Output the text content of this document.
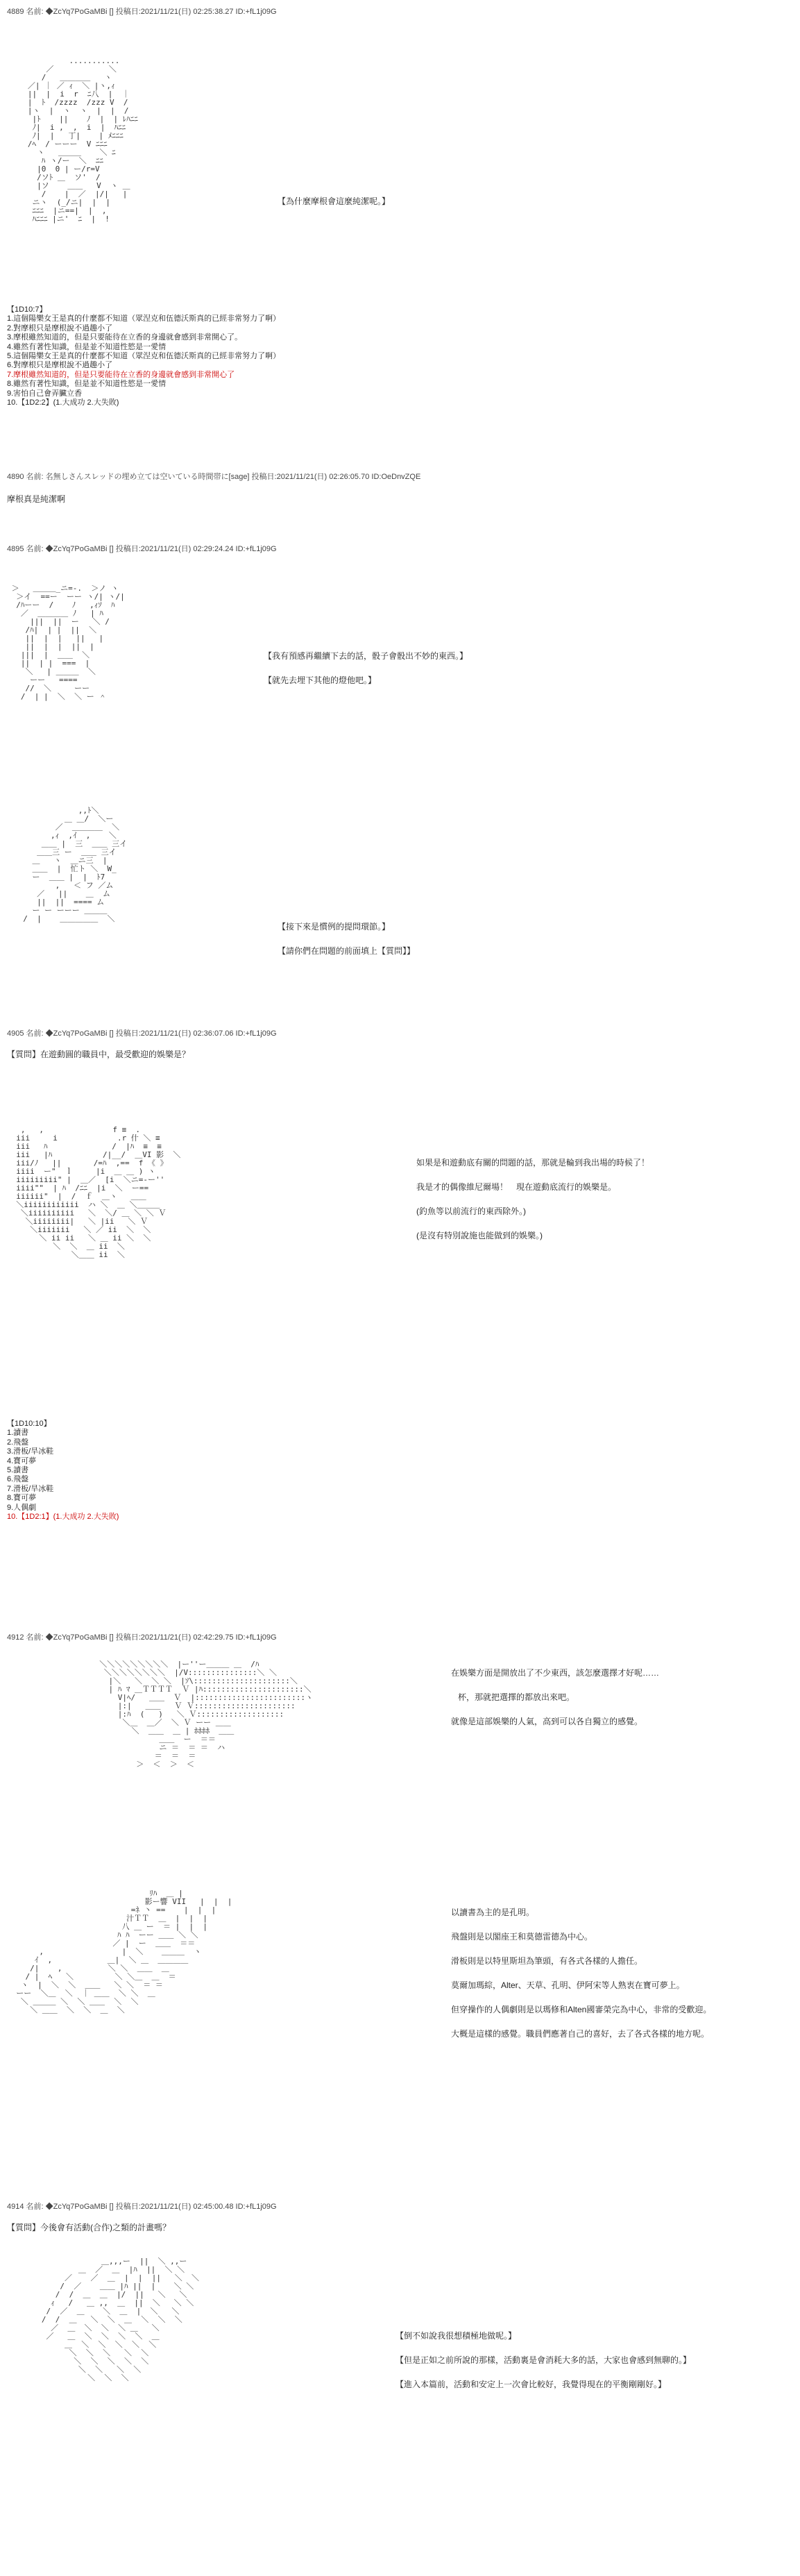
4889 名前: ◆ZcYq7PoGaMBi [] 投稿日:2021/11/21(日) 02:25:38.27 ID:+fL1j09G

...........
／            ＼
/   ＿＿＿＿   ヽ
／| ｜ ／ ｨ  ＼ |ヽ,ｨ
||  |  i  r  ﾆ八  |  ｜
|  ﾄ  /zzzz  /zzz V  /
|ヽ  |  ヽ  ヽ  |  |  /
|ﾄ    ||    ﾉ  |  | ﾚﾊﾆﾆ
ﾉ|  i ,  ,  i  |  ﾊﾆﾆ
ﾉ|  |   丁|    | ﾒﾆﾆﾆ
/ﾍ  / ーーー  V ﾆﾆﾆ
ヽ   ＿＿＿    ＼ ﾆ
ﾊ ヽ/ー  ＼  ﾆﾆ
|0  0 | ー/r=V
/ソﾄ ＿  ソ'  /
|ソ    ＿＿   V  ヽ ＿
/    |  ／  |/|   |
ニヽ  (_/ニ|  |  |
ﾆﾆﾆ  |ニ==|  |  ,
ﾊﾆﾆﾆ |ニ'  ﾆ  |  !

【為什麼摩根會這麼純潔呢。】
【1D10:7】
1.這個陽樂女王是真的什麼都不知道（眾涅克和伍德沃斯真的已經非常努力了啊）
2.對摩根只是摩根說不過趣小了
3.摩根雖然知道的，但是只要能待在立香的身邊就會感到非常開心了。
4.雖然有著性知識，但是並不知道性慾是一愛情
5.這個陽樂女王是真的什麼都不知道（眾涅克和伍德沃斯真的已經非常努力了啊）
6.對摩根只是摩根說不過趣小了
7.摩根雖然知道的，但是只要能待在立香的身邊就會感到非常開心了
8.雖然有著性知識，但是並不知道性慾是一愛情
9.害怕自己會弄臟立香
10.【1D2:2】(1.大成功 2.大失敗)
4890 名前: 名無しさんスレッドの埋め立ては空いている時間帯に[sage] 投稿日:2021/11/21(日) 02:26:05.70 ID:OeDnvZQE
摩根真是純潔啊
4895 名前: ◆ZcYq7PoGaMBi [] 投稿日:2021/11/21(日) 02:29:24.24 ID:+fL1j09G

＞   ＿＿＿_ニ=-.  ＞ノ ヽ
＞イ  ==ー  ーー ヽ/| ヽ/|
/ﾊーー  /    ﾉ   ,ｨｿ  ﾊ
／  ＿＿＿＿ ﾉ   | ﾊ
|||  ||  ー   ＼ /
/ﾊ|  | |  ||  ＼
||  |  |   ||   |
||  |  |  ||  |
|||  |  ＿＿  ＼
||  | |  ===  |
＼   | ＿＿＿  ＼
ーー   ====
//  ＼     ーー
/  | |  ＼  ＼ ー ＾

【我有預感再繼續下去的話，骰子會骰出不妙的東西。】
【就先去埋下其他的燈他吧。】

,,ﾄ＼
＿ ＿/  ＼ー
／  ＿＿＿＿  ＼
,ｨ  ,ｲ  ,    ＼
＿＿ |  三  ＿＿ 三イ
＿＿三 ー  ＿＿ 三イ
＿   ヽ  ＿ニ三  |
＿＿  |  忙ト ＼  W_
ー  ＿＿ |  |  ﾄ7
,   ＜ フ ／ム
／   ||    ＿  ム
||  ||  ==== ム
ー ー ーーー ＿＿＿
/  |    ＿＿＿＿＿  ＼

【接下來是慣例的提問環節。】
【請你們在問題的前面填上【質問】】
4905 名前: ◆ZcYq7PoGaMBi [] 投稿日:2021/11/21(日) 02:36:07.06 ID:+fL1j09G
【質問】在遊動圓的職員中，最受歡迎的娛樂是？

,   ,               f ≡  .
iii     i             .r 什 ＼ ≡
iii   ﾊ              /  |ﾊ  ≡  ≡
iii   |ﾊ           /|__/  ＿VI 影  ＼
iii/ﾉ   ||       /=ﾊ  ,==  f 《 》
iiii  ー"  ｌ     |i  ＿ ＿ ) ヽ
iiiiiiiii" |  ＿／  [i  ＼ニ=-ー''
iiii""  | ﾊ  /ﾆﾆ  |i  ＼  ー==
iiiiii"  |  /  ｆ  ＿ヽ   ＿＿
＼iiiiiiiiiiii  ハ ＼  ＿ ＼＿＿＿
＼iiiiiiiiii   ＼  ＼/ ＿ ＼ ＼ Ｖ
＼iiiiiiii|   ＼ |ii   ＼ Ｖ
＼iiiiiii   ＼ ／ ii  ＼  ＼
＼ ii ii   ＼ ＿ ii ＼  ＼
＼  ＼  ＿ ii  ＼
＼＿＿ ii  ＼

如果是和遊動底有關的問題的話，那就是輪到我出場的時候了！
我是才的偶像維尼爾場！　現在遊動底流行的娛樂是。
(釣魚等以前流行的東西除外。)
(是沒有特別說施也能做到的娛樂。)
【1D10:10】
1.讀書
2.飛盤
3.滑板/旱冰鞋
4.寶可夢
5.讀書
6.飛盤
7.滑板/旱冰鞋
8.寶可夢
9.人偶劇
10.【1D2:1】(1.大成功 2.大失敗)
4912 名前: ◆ZcYq7PoGaMBi [] 投稿日:2021/11/21(日) 02:42:29.75 ID:+fL1j09G

＼＼＼＼＼＼＼＼＼  |ー''ー＿＿＿ ＿  /ﾊ
＼＼＼＼＼＼＼＼  |/V:::::::::::::::＼ ＼
|＼   ＼  ＼ ＼  |ｿ\:::::::::::::::::::::＼
| ﾊ ﾏ ＿ＴＴＴＴ  Ｖ |ﾊ::::::::::::::::::::::＼
V|ﾍ/   ＿＿  Ｖ  |::::::::::::::::::::::::ヽ
|:|   ＿＿   Ｖ Ｖ::::::::::::::::::::::
|:ﾊ  (   )   ＼ Ｖ:::::::::::::::::::
＼＿  ＿／  ＼ Ｖ ーー ＿＿
＼  ＿＿  ＿ | ﾎﾎﾎﾎ  ＿＿
＿＿  ー  ＝＝
ニ ＝  ＝ ＝  ハ
＝  ＝  ＝
＞  ＜  ＞  ＜

在娛樂方面是開放出了不少東西，該怎麼選擇才好呢……
杯，那就把選擇的都放出來吧。
就像是這部娛樂的人氣，高到可以各自獨立的感覺。

ﾘﾊ  ＿ |
影ー響 VII   |  |  |
=ﾈ 丶 ==    |  |  |
汁ＴＴ  ＿  |  |  |
八 ＿ ー  ＝ |  |  |
ﾊ ﾊ  ーー ＿＿ ＼ ＼
／ |  ー  ＿＿  ＝＝
,                 |  ＼    ＿＿＿  ヽ
ｲ  ,            ＿|  ＼ ＿  ＿＿＿＿
/|    ,          ＼ ＼  ＿＿  ＿
/ |  ﾍ   ＼         ＼ ＼＿  ＿  ＝
ヽ  |  ＼  ＼  ＿＿   ＼ ＼  ＝ ＝
ーー  ＼＿  ＼  ｜ ＿＿  ＼ ＼  ＿
＼ ＿＿＿ ＼  ＼ ＿＿  ＼  ＼
＼ ＿＿  ＼  ＼  ＿  ＼

以讀書為主的是孔明。
飛盤則是以閣座王和莫德雷德為中心。
滑板則是以特里斯坦為筆頭，有各式各樣的人擔任。
莫爾加瑪綜，Alter、天草、孔明、伊阿宋等人熟衷在寶可夢上。
但穿操作的人偶劇則是以瑪修和Alten國審榮完為中心，非常的受歡迎。
大概是這樣的感覺。職員們應著自己的喜好，去了各式各樣的地方呢。
4914 名前: ◆ZcYq7PoGaMBi [] 投稿日:2021/11/21(日) 02:45:00.48 ID:+fL1j09G
【質問】今後會有活動(合作)之類的計畫嗎？

＿,,,ー  ||  ＼ ,,ー
＿  ／  ＿  |ﾊ  ||  ＼ ＼
／    ／  ＿  |  |  ||   ＼  ＼
/  ／    ＿＿ |ﾊ ||  |    ＼ ＼
/  /  ＿  ＿  |/  ||   ＼   ＼
ｨ   /   ＿ ,,  ＿  ||  ＼   ＼ ＼
/  ／  ＿    ＼  ＿  |  ＼   ＼
/  /  ＿   ＼  ＼  ＿  ＼  ＼  ＼
／  ＿  ＼  ＼  ＼ ＿   ＼
／   ＿  ＼  ＼  ＼  ＼  ＿
＿  ＼  ＼  ＼  ＼  ＼
＼  ＼  ＼   ＼  ＼
＼  ＼  ＼  ＼  ＼
＼  ＼   ＼  ＼
＼  ＼  ＼

【倒不如說我很想積極地做呢。】
【但是正如之前所說的那樣，活動裏是會消耗大多的話，大家也會感到無聊的。】
【進入本篇前，活動和安定上一次會比較好，我覺得現在的平衡剛剛好。】
